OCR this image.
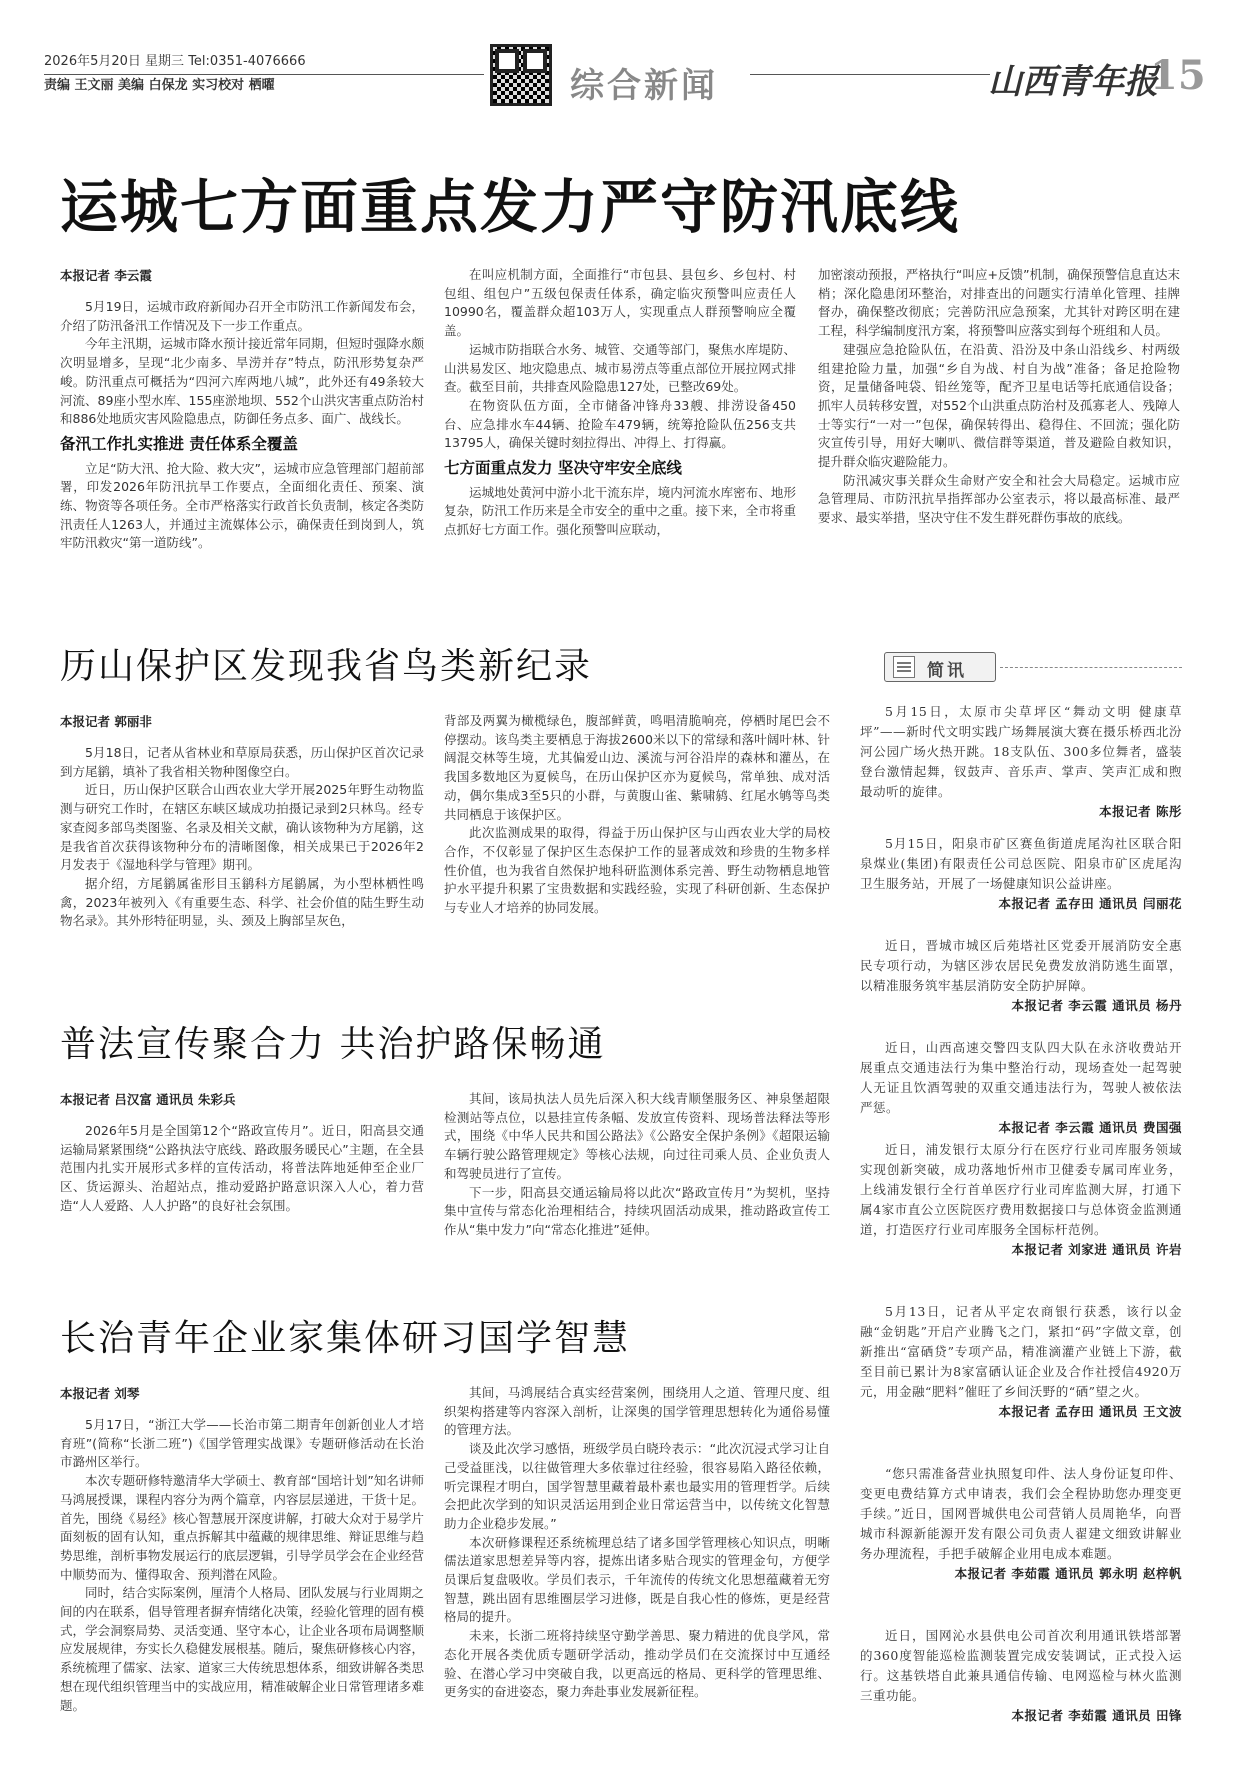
2026年5月20日 星期三 Tel:0351-4076666
责编 王文丽 美编 白保龙 实习校对 栖曜	综合新闻	山西青年报
15
运城七方面重点发力严守防汛底线
本报记者 李云霞

5月19日，运城市政府新闻办召开全市防汛工作新闻发布会，介绍了防汛备汛工作情况及下一步工作重点。

今年主汛期，运城市降水预计接近常年同期，但短时强降水颇次明显增多，呈现“北少南多、旱涝并存”特点，防汛形势复杂严峻。防汛重点可概括为“四河六库两地八城”，此外还有49条较大河流、89座小型水库、155座淤地坝、552个山洪灾害重点防治村和886处地质灾害风险隐患点，防御任务点多、面广、战线长。

备汛工作扎实推进 责任体系全覆盖

立足“防大汛、抢大险、救大灾”，运城市应急管理部门超前部署，印发2026年防汛抗旱工作要点，全面细化责任、预案、演练、物资等各项任务。全市严格落实行政首长负责制，核定各类防汛责任人1263人，并通过主流媒体公示，确保责任到岗到人，筑牢防汛救灾“第一道防线”。

在叫应机制方面，全面推行“市包县、县包乡、乡包村、村包组、组包户”五级包保责任体系，确定临灾预警叫应责任人10990名，覆盖群众超103万人，实现重点人群预警响应全覆盖。

运城市防指联合水务、城管、交通等部门，聚焦水库堤防、山洪易发区、地灾隐患点、城市易涝点等重点部位开展拉网式排查。截至目前，共排查风险隐患127处，已整改69处。

在物资队伍方面，全市储备冲锋舟33艘、排涝设备450台、应急排水车44辆、抢险车479辆，统筹抢险队伍256支共13795人，确保关键时刻拉得出、冲得上、打得赢。

七方面重点发力 坚决守牢安全底线

运城地处黄河中游小北干流东岸，境内河流水库密布、地形复杂，防汛工作历来是全市安全的重中之重。接下来，全市将重点抓好七方面工作。强化预警叫应联动，

加密滚动预报，严格执行“叫应+反馈”机制，确保预警信息直达末梢；深化隐患闭环整治，对排查出的问题实行清单化管理、挂牌督办，确保整改彻底；完善防汛应急预案，尤其针对跨区明在建工程，科学编制度汛方案，将预警叫应落实到每个班组和人员。

建强应急抢险队伍，在沿黄、沿汾及中条山沿线乡、村两级组建抢险力量，加强“乡自为战、村自为战”准备；备足抢险物资，足量储备吨袋、铅丝笼等，配齐卫星电话等托底通信设备；抓牢人员转移安置，对552个山洪重点防治村及孤寡老人、残障人士等实行“一对一”包保，确保转得出、稳得住、不回流；强化防灾宣传引导，用好大喇叭、微信群等渠道，普及避险自救知识，提升群众临灾避险能力。

防汛减灾事关群众生命财产安全和社会大局稳定。运城市应急管理局、市防汛抗旱指挥部办公室表示，将以最高标准、最严要求、最实举措，坚决守住不发生群死群伤事故的底线。

历山保护区发现我省鸟类新纪录
本报记者 郭丽非

5月18日，记者从省林业和草原局获悉，历山保护区首次记录到方尾鹟，填补了我省相关物种图像空白。

近日，历山保护区联合山西农业大学开展2025年野生动物监测与研究工作时，在辖区东峡区域成功拍摄记录到2只林鸟。经专家查阅多部鸟类图鉴、名录及相关文献，确认该物种为方尾鹟，这是我省首次获得该物种分布的清晰图像，相关成果已于2026年2月发表于《湿地科学与管理》期刊。

据介绍，方尾鹟属雀形目玉鹟科方尾鹟属，为小型林栖性鸣禽，2023年被列入《有重要生态、科学、社会价值的陆生野生动物名录》。其外形特征明显，头、颈及上胸部呈灰色，

背部及两翼为橄榄绿色，腹部鲜黄，鸣唱清脆响亮，停栖时尾巴会不停摆动。该鸟类主要栖息于海拔2600米以下的常绿和落叶阔叶林、针阔混交林等生境，尤其偏爱山边、溪流与河谷沿岸的森林和灌丛，在我国多数地区为夏候鸟，在历山保护区亦为夏候鸟，常单独、成对活动，偶尔集成3至5只的小群，与黄腹山雀、紫啸鸫、红尾水鸲等鸟类共同栖息于该保护区。

此次监测成果的取得，得益于历山保护区与山西农业大学的局校合作，不仅彰显了保护区生态保护工作的显著成效和珍贵的生物多样性价值，也为我省自然保护地科研监测体系完善、野生动物栖息地管护水平提升积累了宝贵数据和实践经验，实现了科研创新、生态保护与专业人才培养的协同发展。

普法宣传聚合力 共治护路保畅通
本报记者 吕汉富 通讯员 朱彩兵

2026年5月是全国第12个“路政宣传月”。近日，阳高县交通运输局紧紧围绕“公路执法守底线、路政服务暖民心”主题，在全县范围内扎实开展形式多样的宣传活动，将普法阵地延伸至企业厂区、货运源头、治超站点，推动爱路护路意识深入人心，着力营造“人人爱路、人人护路”的良好社会氛围。

其间，该局执法人员先后深入积大线青顺堡服务区、神泉堡超限检测站等点位，以悬挂宣传条幅、发放宣传资料、现场普法释法等形式，围绕《中华人民共和国公路法》《公路安全保护条例》《超限运输车辆行驶公路管理规定》等核心法规，向过往司乘人员、企业负责人和驾驶员进行了宣传。

下一步，阳高县交通运输局将以此次“路政宣传月”为契机，坚持集中宣传与常态化治理相结合，持续巩固活动成果，推动路政宣传工作从“集中发力”向“常态化推进”延伸。

长治青年企业家集体研习国学智慧
本报记者 刘琴

5月17日，“浙江大学——长治市第二期青年创新创业人才培育班”(简称“长浙二班”)《国学管理实战课》专题研修活动在长治市潞州区举行。

本次专题研修特邀清华大学硕士、教育部“国培计划”知名讲师马鸿展授课，课程内容分为两个篇章，内容层层递进，干货十足。首先，围绕《易经》核心智慧展开深度讲解，打破大众对于易学片面刻板的固有认知，重点拆解其中蕴藏的规律思维、辩证思维与趋势思维，剖析事物发展运行的底层逻辑，引导学员学会在企业经营中顺势而为、懂得取舍、预判潜在风险。

同时，结合实际案例，厘清个人格局、团队发展与行业周期之间的内在联系，倡导管理者摒弃情绪化决策，经验化管理的固有模式，学会洞察局势、灵活变通、坚守本心，让企业各项布局调整顺应发展规律，夯实长久稳健发展根基。随后，聚焦研修核心内容，系统梳理了儒家、法家、道家三大传统思想体系，细致讲解各类思想在现代组织管理当中的实战应用，精准破解企业日常管理诸多难题。

其间，马鸿展结合真实经营案例，围绕用人之道、管理尺度、组织架构搭建等内容深入剖析，让深奥的国学管理思想转化为通俗易懂的管理方法。

谈及此次学习感悟，班级学员白晓玲表示：“此次沉浸式学习让自己受益匪浅，以往做管理大多依靠过往经验，很容易陷入路径依赖，听完课程才明白，国学智慧里藏着最朴素也最实用的管理哲学。后续会把此次学到的知识灵活运用到企业日常运营当中，以传统文化智慧助力企业稳步发展。”

本次研修课程还系统梳理总结了诸多国学管理核心知识点，明晰儒法道家思想差异等内容，提炼出诸多贴合现实的管理金句，方便学员课后复盘吸收。学员们表示，千年流传的传统文化思想蕴藏着无穷智慧，跳出固有思维圈层学习进修，既是自我心性的修炼，更是经营格局的提升。

未来，长浙二班将持续坚守勤学善思、聚力精进的优良学风，常态化开展各类优质专题研学活动，推动学员们在交流探讨中互通经验、在潜心学习中突破自我，以更高远的格局、更科学的管理思维、更务实的奋进姿态，聚力奔赴事业发展新征程。

简讯

5月15日，太原市尖草坪区“舞动文明 健康草坪”——新时代文明实践广场舞展演大赛在摄乐桥西北汾河公园广场火热开跳。18支队伍、300多位舞者，盛装登台激情起舞，钗鼓声、音乐声、掌声、笑声汇成和煦最动听的旋律。

本报记者 陈彤

5月15日，阳泉市矿区赛鱼街道虎尾沟社区联合阳泉煤业(集团)有限责任公司总医院、阳泉市矿区虎尾沟卫生服务站，开展了一场健康知识公益讲座。

本报记者 孟存田 通讯员 闫丽花

近日，晋城市城区后苑塔社区党委开展消防安全惠民专项行动，为辖区涉农居民免费发放消防逃生面罩，以精准服务筑牢基层消防安全防护屏障。

本报记者 李云霞 通讯员 杨丹

近日，山西高速交警四支队四大队在永济收费站开展重点交通违法行为集中整治行动，现场查处一起驾驶人无证且饮酒驾驶的双重交通违法行为，驾驶人被依法严惩。

本报记者 李云霞 通讯员 费国强

近日，浦发银行太原分行在医疗行业司库服务领域实现创新突破，成功落地忻州市卫健委专属司库业务，上线浦发银行全行首单医疗行业司库监测大屏，打通下属4家市直公立医院医疗费用数据接口与总体资金监测通道，打造医疗行业司库服务全国标杆范例。

本报记者 刘家进 通讯员 许岩

5月13日，记者从平定农商银行获悉，该行以金融“金钥匙”开启产业腾飞之门，紧扣“码”字做文章，创新推出“富硒贷”专项产品，精准滴灌产业链上下游，截至目前已累计为8家富硒认证企业及合作社授信4920万元，用金融“肥料”催旺了乡间沃野的“硒”望之火。

本报记者 孟存田 通讯员 王文波

“您只需准备营业执照复印件、法人身份证复印件、变更电费结算方式申请表，我们会全程协助您办理变更手续。”近日，国网晋城供电公司营销人员周艳华，向晋城市科源新能源开发有限公司负责人翟建文细致讲解业务办理流程，手把手破解企业用电成本难题。

本报记者 李茹霞 通讯员 郭永明 赵梓帆

近日，国网沁水县供电公司首次利用通讯铁塔部署的360度智能巡检监测装置完成安装调试，正式投入运行。这基铁塔自此兼具通信传输、电网巡检与林火监测三重功能。

本报记者 李茹霞 通讯员 田锋
